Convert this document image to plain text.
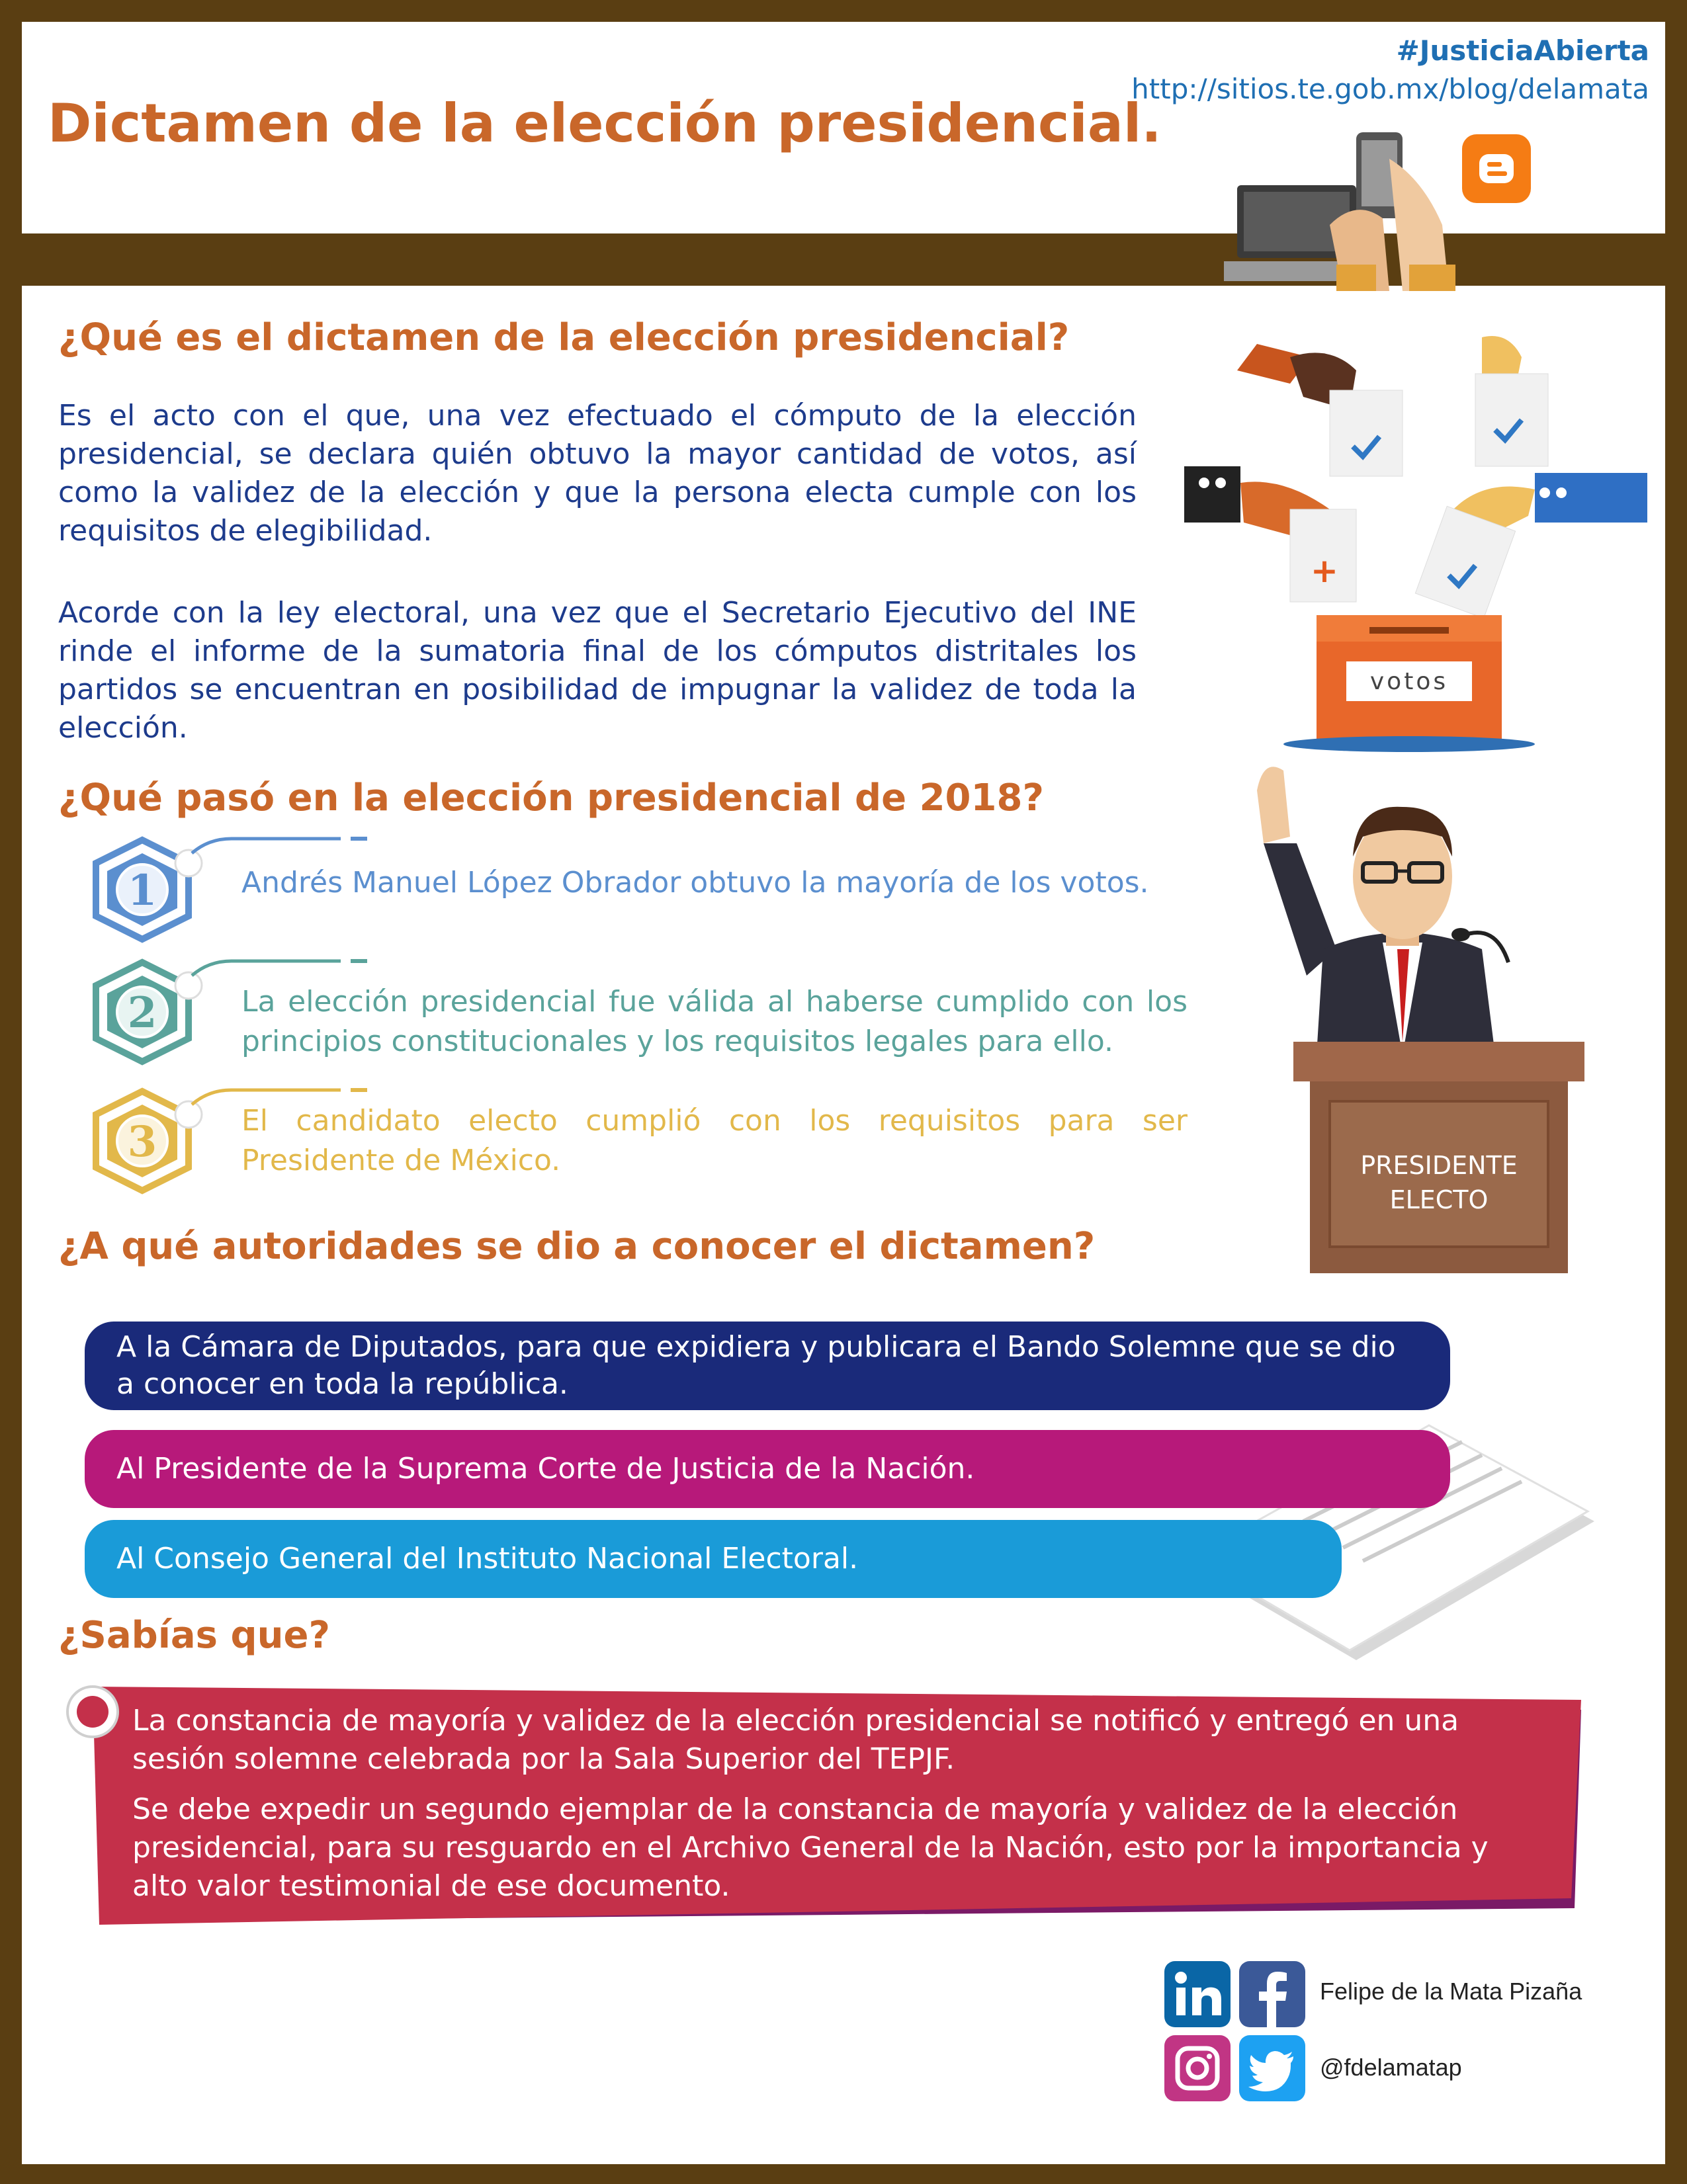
#JusticiaAbierta
http://sitios.te.gob.mx/blog/delamata
Dictamen de la elección presidencial.
¿Qué es el dictamen de la elección presidencial?
Es el acto con el que, una vez efectuado el cómputo de la elección presidencial, se declara quién obtuvo la mayor cantidad de votos, así como la validez de la elección y que la persona electa cumple con los requisitos de elegibilidad.
Acorde con la ley electoral, una vez que el Secretario Ejecutivo del INE rinde el informe de la sumatoria final de los cómputos distritales los partidos se encuentran en posibilidad de impugnar la validez de toda la elección.
+
votos
¿Qué pasó en la elección presidencial de 2018?
1	Andrés Manuel López Obrador obtuvo la mayoría de los votos.
2	La elección presidencial fue válida al haberse cumplido con los principios constitucionales y los requisitos legales para ello.
3	El candidato electo cumplió con los requisitos para ser Presidente de México.	PRESIDENTE
ELECTO
¿A qué autoridades se dio a conocer el dictamen?
A la Cámara de Diputados, para que expidiera y publicara el Bando Solemne que se dio a conocer en toda la república.
Al Presidente de la Suprema Corte de Justicia de la Nación.
Al Consejo General del Instituto Nacional Electoral.
¿Sabías que?
La constancia de mayoría y validez de la elección presidencial se notificó y entregó en una sesión solemne celebrada por la Sala Superior del TEPJF.
Se debe expedir un segundo ejemplar de la constancia de mayoría y validez de la elección presidencial, para su resguardo en el Archivo General de la Nación, esto por la importancia y alto valor testimonial de ese documento.
Felipe de la Mata Pizaña
@fdelamatap
